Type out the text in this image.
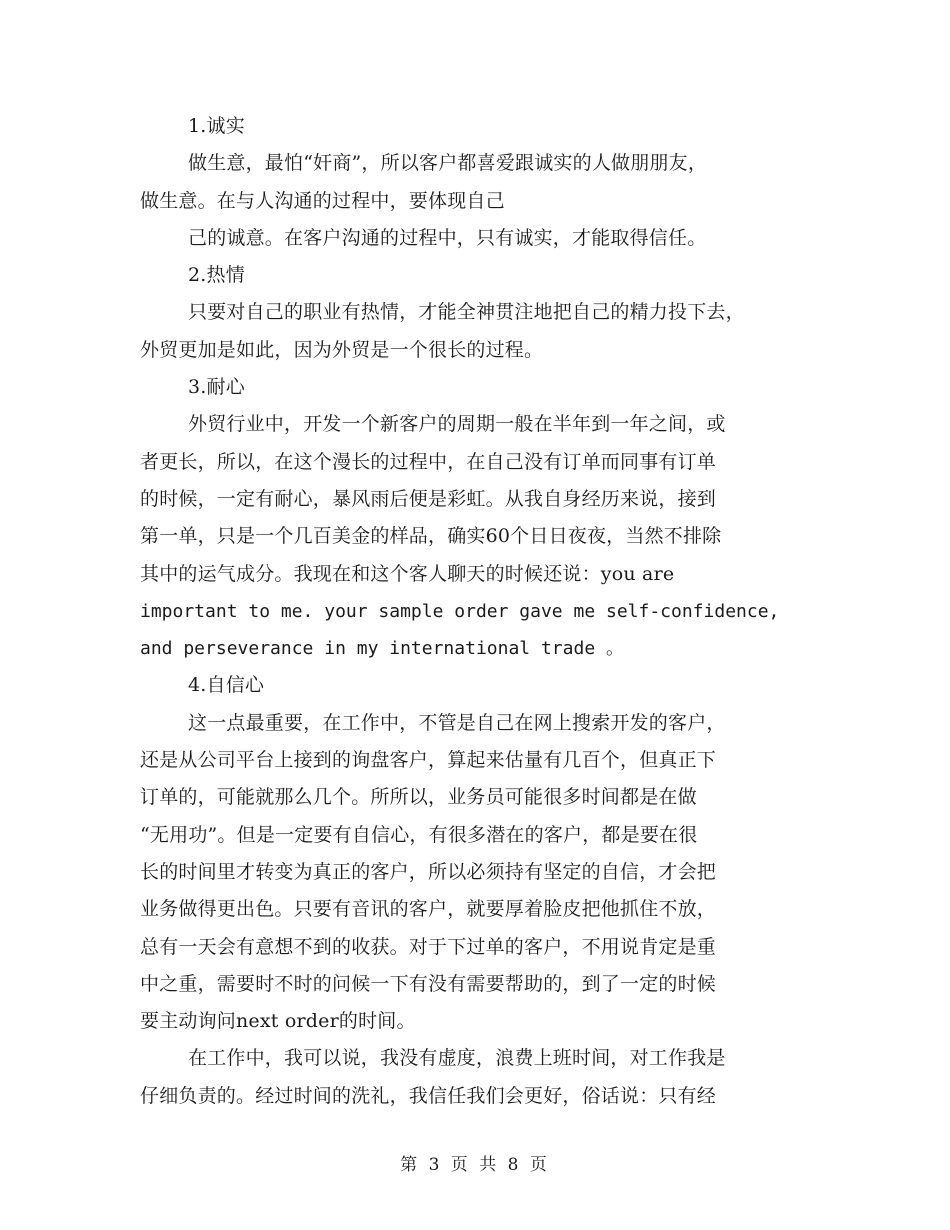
1.诚实
做生意，最怕“奸商”，所以客户都喜爱跟诚实的人做朋朋友，
做生意。在与人沟通的过程中，要体现自己
己的诚意。在客户沟通的过程中，只有诚实，才能取得信任。
2.热情
只要对自己的职业有热情，才能全神贯注地把自己的精力投下去，
外贸更加是如此，因为外贸是一个很长的过程。
3.耐心
外贸行业中，开发一个新客户的周期一般在半年到一年之间，或
者更长，所以，在这个漫长的过程中，在自己没有订单而同事有订单
的时候，一定有耐心，暴风雨后便是彩虹。从我自身经历来说，接到
第一单，只是一个几百美金的样品，确实60个日日夜夜，当然不排除
其中的运气成分。我现在和这个客人聊天的时候还说：you are
important to me. your sample order gave me self-confidence,
and perseverance in my international trade 。
4.自信心
这一点最重要，在工作中，不管是自己在网上搜索开发的客户，
还是从公司平台上接到的询盘客户，算起来估量有几百个，但真正下
订单的，可能就那么几个。所所以，业务员可能很多时间都是在做
“无用功”。但是一定要有自信心，有很多潜在的客户，都是要在很
长的时间里才转变为真正的客户，所以必须持有坚定的自信，才会把
业务做得更出色。只要有音讯的客户，就要厚着脸皮把他抓住不放，
总有一天会有意想不到的收获。对于下过单的客户，不用说肯定是重
中之重，需要时不时的问候一下有没有需要帮助的，到了一定的时候
要主动询问next order的时间。
在工作中，我可以说，我没有虚度，浪费上班时间，对工作我是
仔细负责的。经过时间的洗礼，我信任我们会更好，俗话说：只有经
第 3 页 共 8 页
